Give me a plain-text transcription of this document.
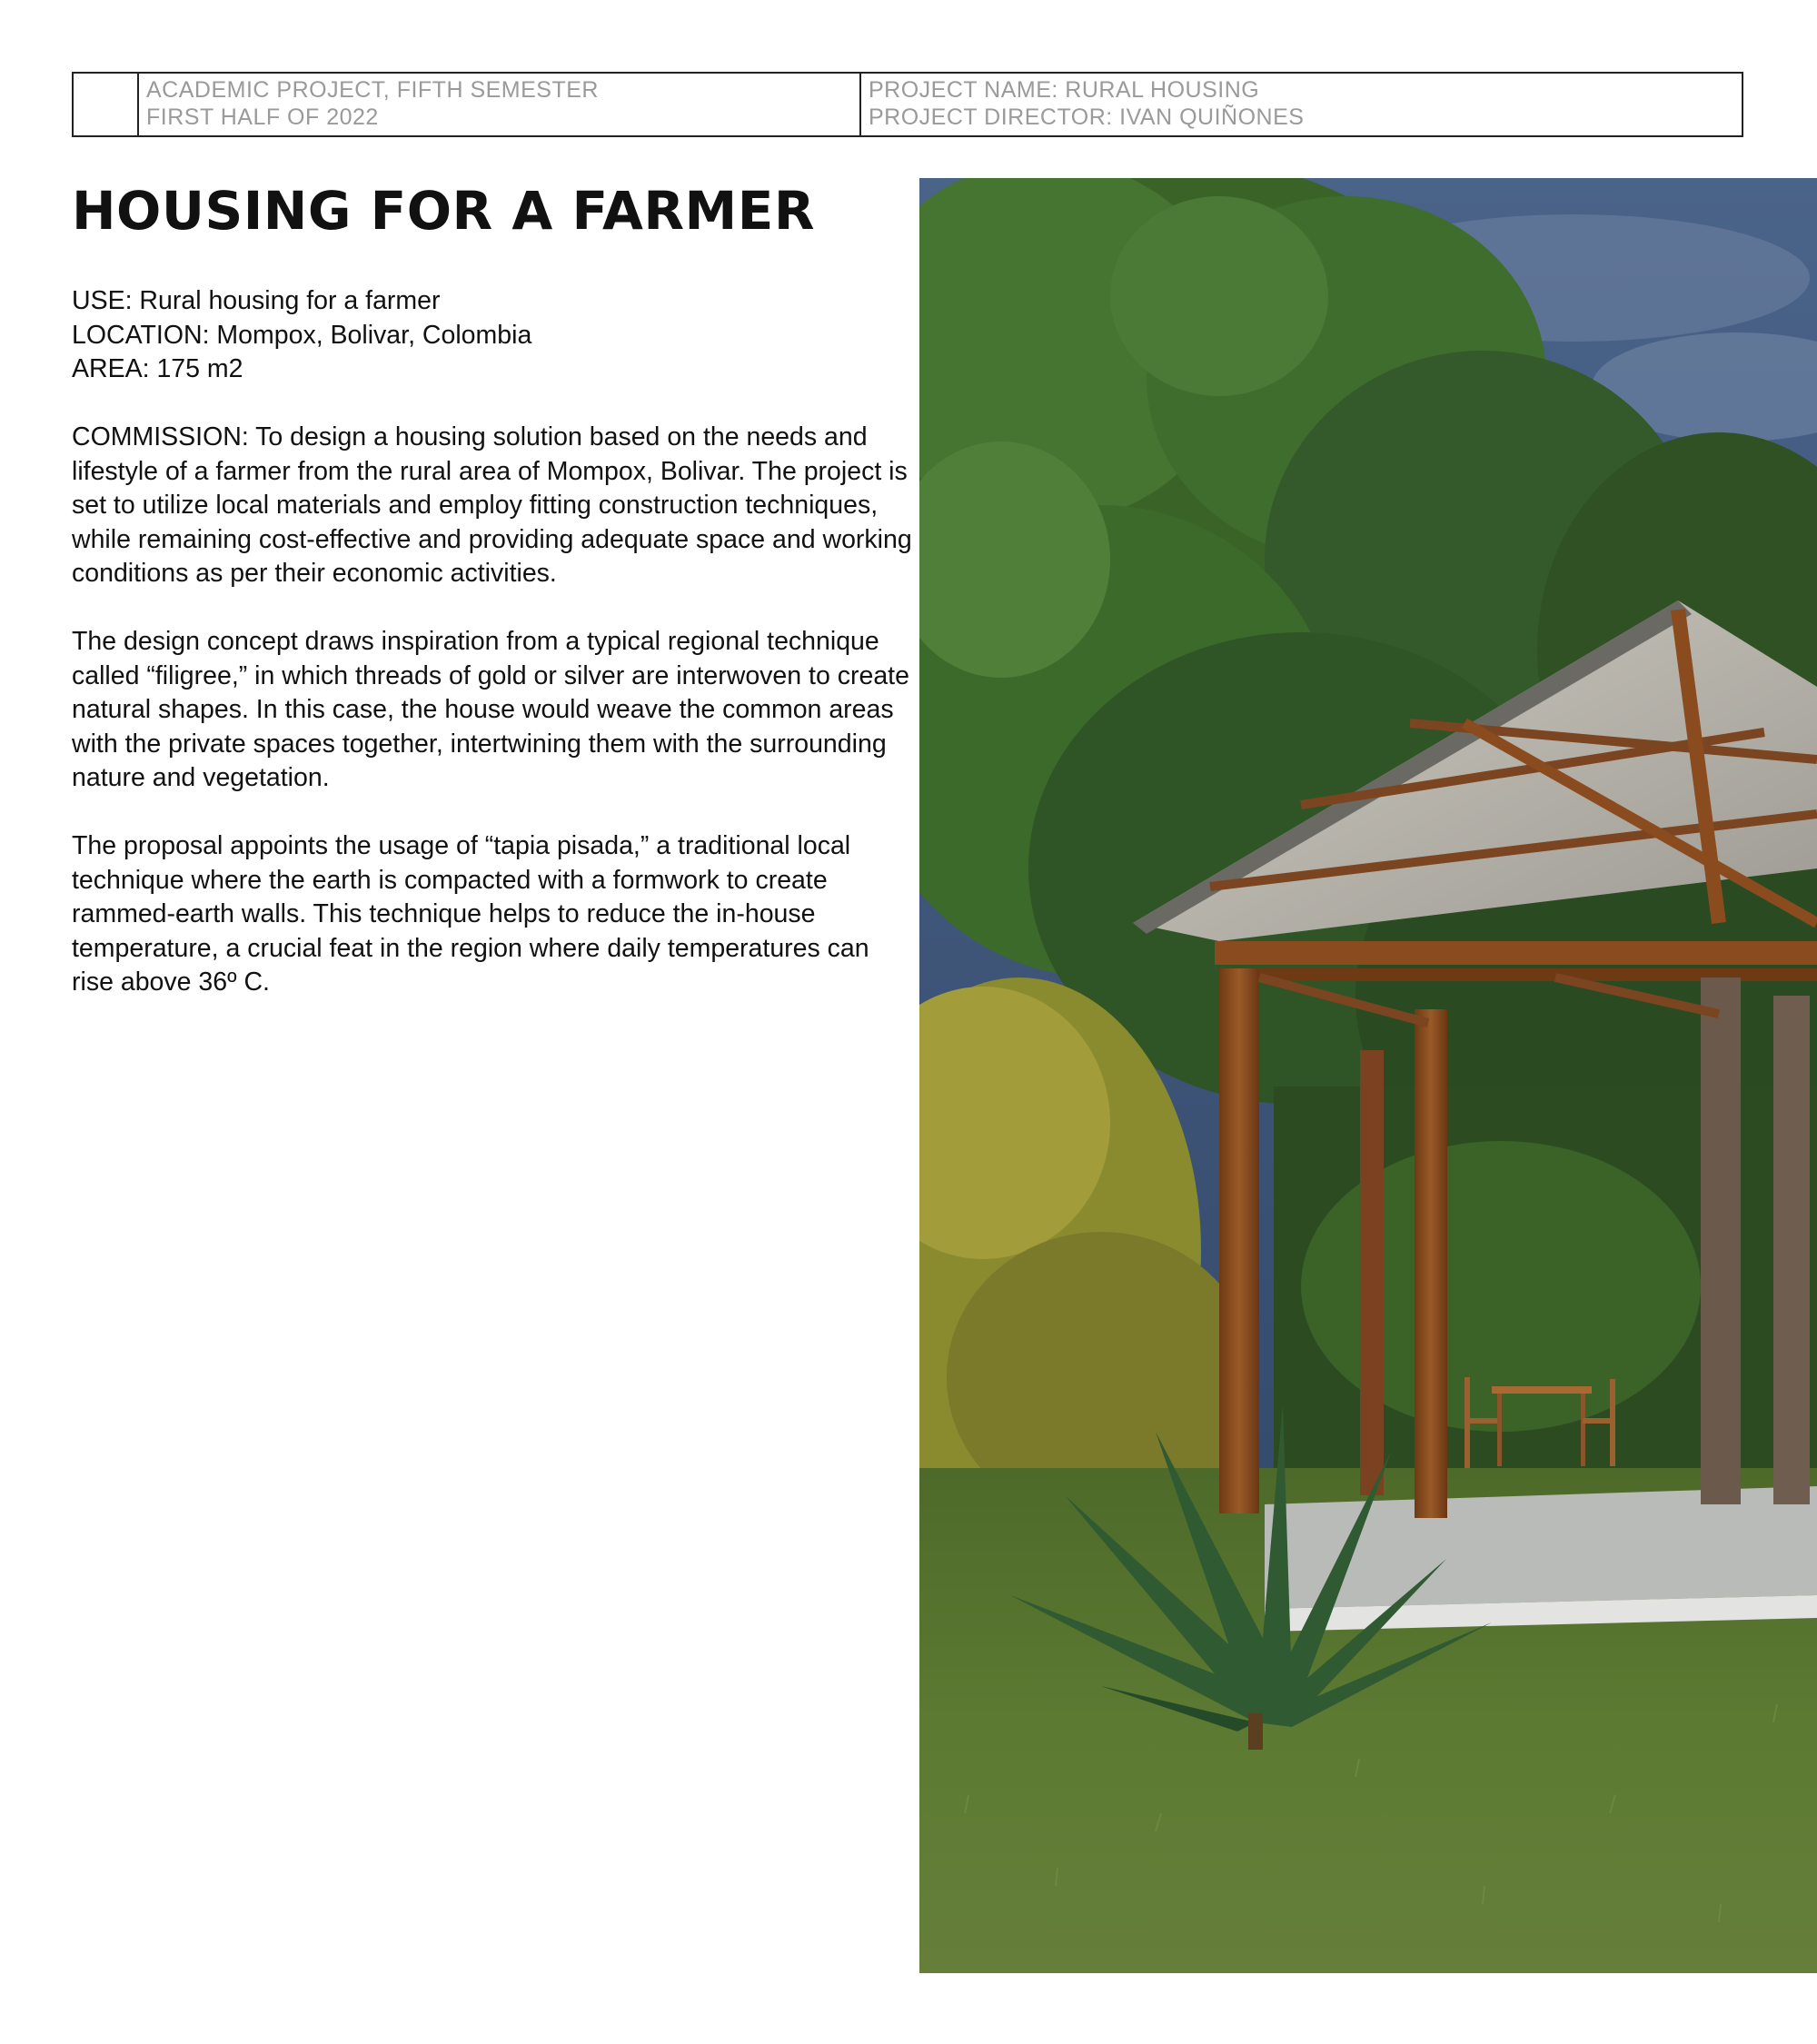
ACADEMIC PROJECT, FIFTH SEMESTER
FIRST HALF OF 2022
PROJECT NAME: RURAL HOUSING
PROJECT DIRECTOR: IVAN QUIÑONES
HOUSING FOR A FARMER

USE: Rural housing for a farmer
LOCATION: Mompox, Bolivar, Colombia
AREA: 175 m2

COMMISSION: To design a housing solution based on the needs and lifestyle of a farmer from the rural area of Mompox, Bolivar. The project is set to utilize local materials and employ fitting construction techniques, while remaining cost-effective and providing adequate space and working conditions as per their economic activities.

The design concept draws inspiration from a typical regional technique called “filigree,” in which threads of gold or silver are interwoven to create natural shapes. In this case, the house would weave the common areas with the private spaces together, intertwining them with the surrounding nature and vegetation.

The proposal appoints the usage of “tapia pisada,” a traditional local technique where the earth is compacted with a formwork to create rammed-earth walls. This technique helps to reduce the in-house temperature, a crucial feat in the region where daily temperatures can rise above 36º C.
